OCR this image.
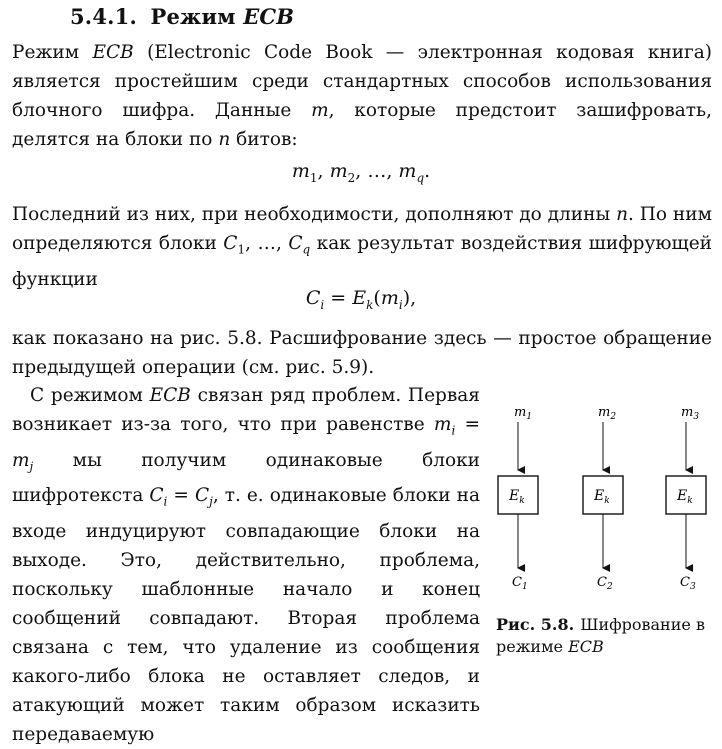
5.4.1. Режим ECB

Режим ECB (Electronic Code Book — электронная кодовая книга) является простейшим среди стандартных способов использования блочного шифра. Данные m, которые предстоит зашифровать, делятся на блоки по n битов:

$m_1$, $m_2$, …, $m_q$.

Последний из них, при необходимости, дополняют до длины n. По ним определяются блоки $C_1$, …, $C_q$ как результат воздействия шифрующей функции

$C_i = E_k(m_i)$,

как показано на рис. 5.8. Расшифрование здесь — простое обращение предыдущей операции (см. рис. 5.9).

С режимом ECB связан ряд проблем. Первая возникает из-за того, что при равенстве $m_i = m_j$ мы получим одинаковые блоки шифротекста $C_i = C_j$, т. е. одинаковые блоки на входе индуцируют совпадающие блоки на выходе. Это, действительно, проблема, поскольку шаблонные начало и конец сообщений совпадают. Вторая проблема связана с тем, что удаление из сообщения какого-либо блока не оставляет следов, и атакующий может таким образом исказить передаваемую

$m_1$
$E_k$
$C_1$
$m_2$
$E_k$
$C_2$
$m_3$
$E_k$
$C_3$
Рис. 5.8. Шифрование в режиме ECB
